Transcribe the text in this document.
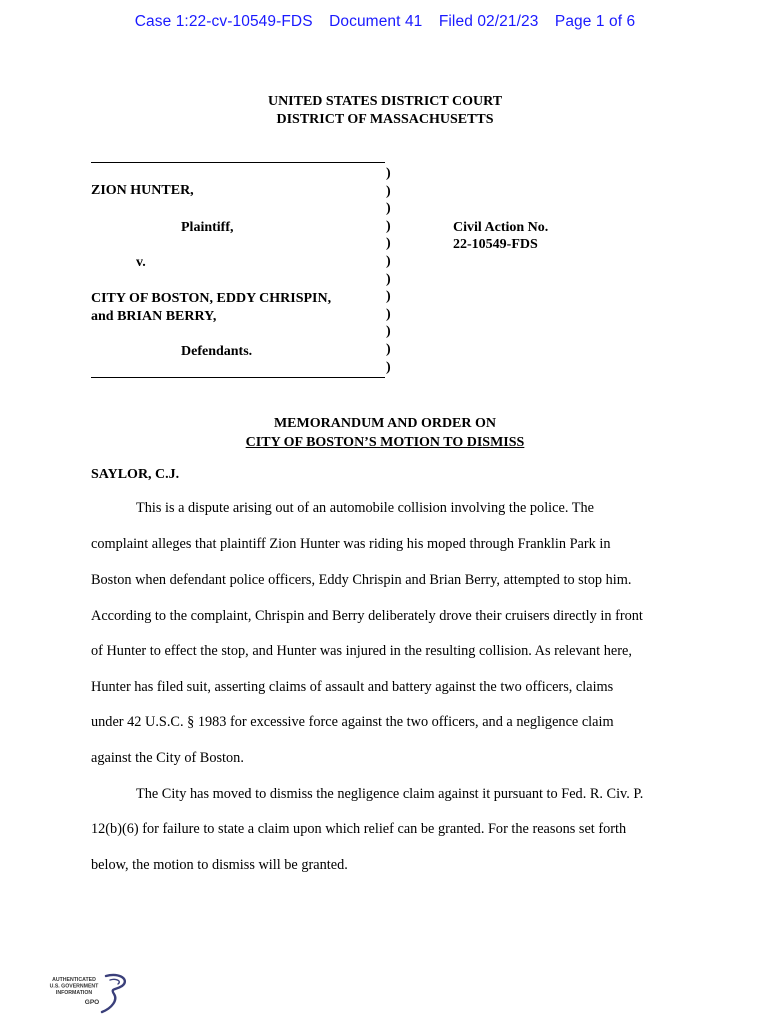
Case 1:22-cv-10549-FDS Document 41 Filed 02/21/23 Page 1 of 6
UNITED STATES DISTRICT COURT
DISTRICT OF MASSACHUSETTS
ZION HUNTER,
Plaintiff,
v.
CITY OF BOSTON, EDDY CHRISPIN,
and BRIAN BERRY,
Defendants.
)
)
)
)
)
)
)
)
)
)
)
)
Civil Action No.
22-10549-FDS
MEMORANDUM AND ORDER ON
CITY OF BOSTON’S MOTION TO DISMISS
SAYLOR, C.J.
This is a dispute arising out of an automobile collision involving the police. The
complaint alleges that plaintiff Zion Hunter was riding his moped through Franklin Park in
Boston when defendant police officers, Eddy Chrispin and Brian Berry, attempted to stop him.
According to the complaint, Chrispin and Berry deliberately drove their cruisers directly in front
of Hunter to effect the stop, and Hunter was injured in the resulting collision. As relevant here,
Hunter has filed suit, asserting claims of assault and battery against the two officers, claims
under 42 U.S.C. § 1983 for excessive force against the two officers, and a negligence claim
against the City of Boston.
The City has moved to dismiss the negligence claim against it pursuant to Fed. R. Civ. P.
12(b)(6) for failure to state a claim upon which relief can be granted. For the reasons set forth
below, the motion to dismiss will be granted.
AUTHENTICATED
U.S. GOVERNMENT
INFORMATION
GPO
